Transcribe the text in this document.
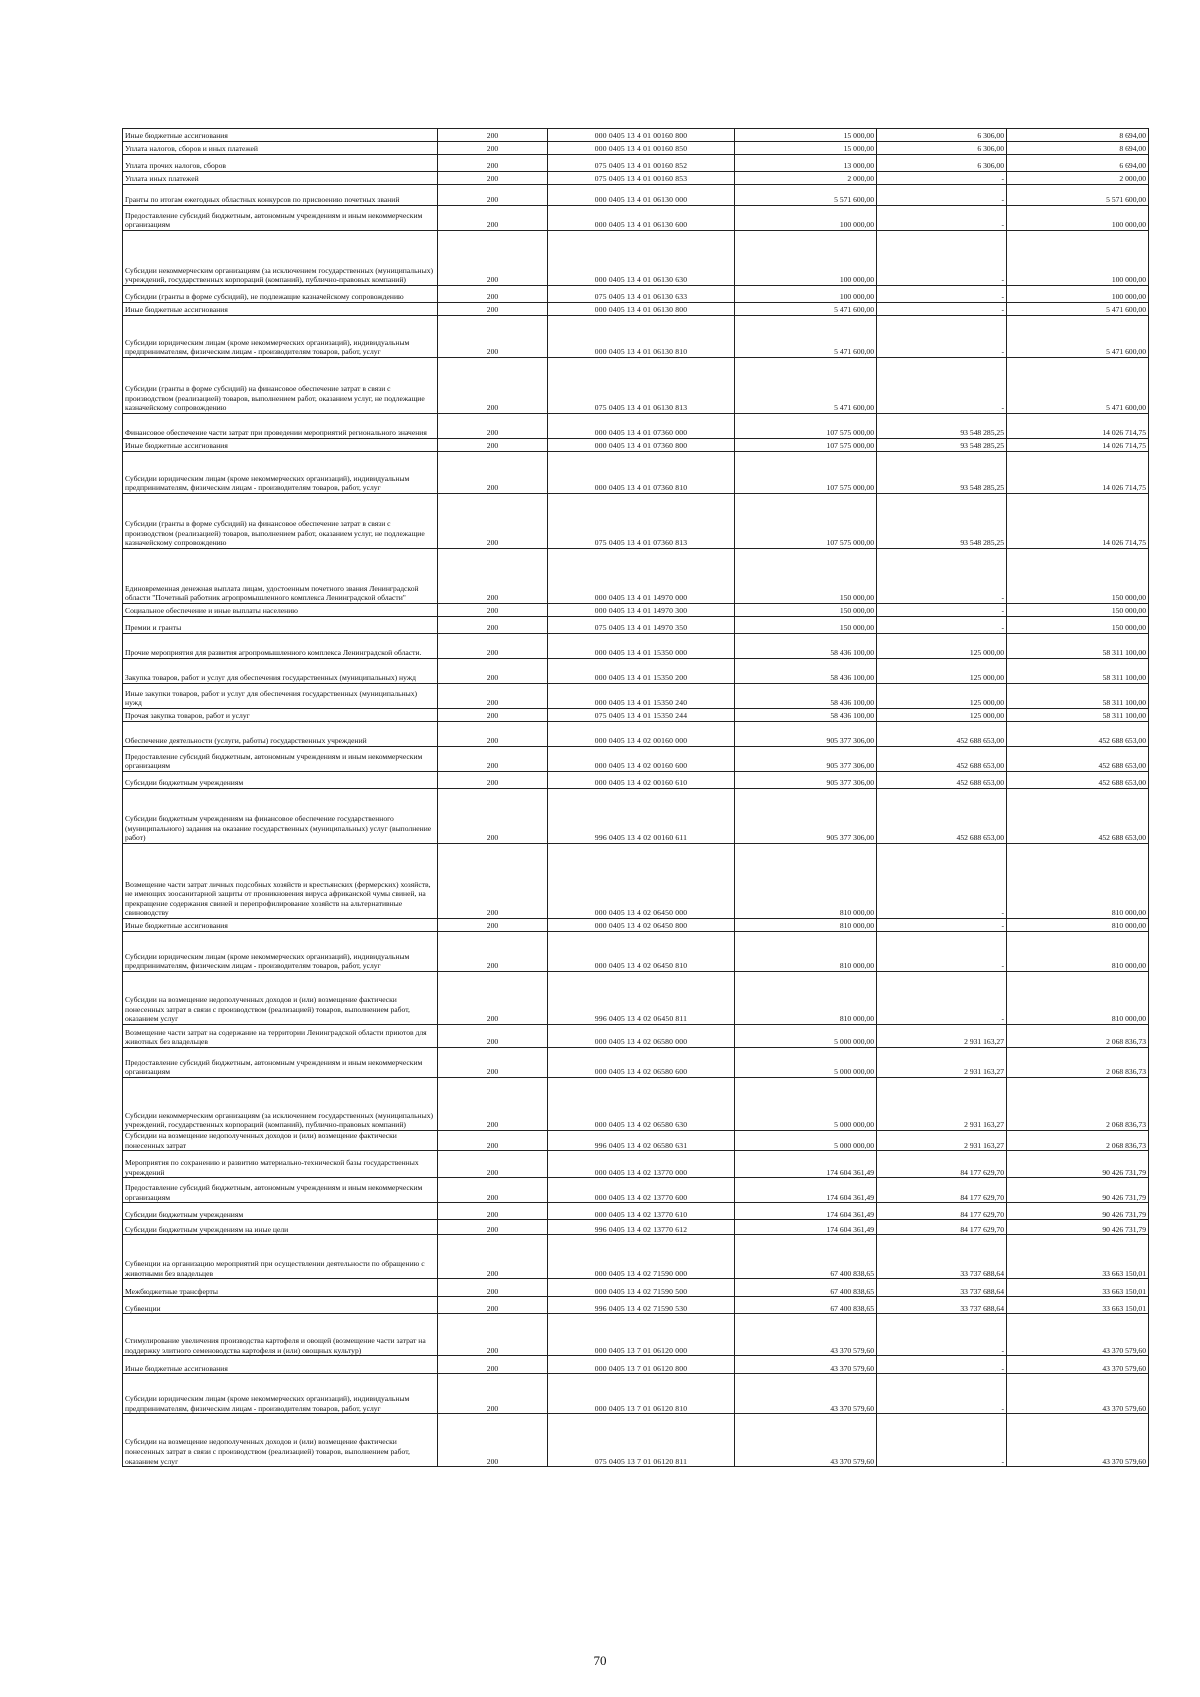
Иные бюджетные ассигнования	200	000 0405 13 4 01 00160 800	15 000,00	6 306,00	8 694,00
Уплата налогов, сборов и иных платежей	200	000 0405 13 4 01 00160 850	15 000,00	6 306,00	8 694,00
Уплата прочих налогов, сборов	200	075 0405 13 4 01 00160 852	13 000,00	6 306,00	6 694,00
Уплата иных платежей	200	075 0405 13 4 01 00160 853	2 000,00	-	2 000,00
Гранты по итогам ежегодных областных конкурсов по присвоению почетных званий	200	000 0405 13 4 01 06130 000	5 571 600,00	-	5 571 600,00
Предоставление субсидий бюджетным, автономным учреждениям и иным некоммерческим организациям	200	000 0405 13 4 01 06130 600	100 000,00	-	100 000,00
Субсидии некоммерческим организациям (за исключением государственных (муниципальных) учреждений, государственных корпораций (компаний), публично-правовых компаний)	200	000 0405 13 4 01 06130 630	100 000,00	-	100 000,00
Субсидии (гранты в форме субсидий), не подлежащие казначейскому сопровождению	200	075 0405 13 4 01 06130 633	100 000,00	-	100 000,00
Иные бюджетные ассигнования	200	000 0405 13 4 01 06130 800	5 471 600,00	-	5 471 600,00
Субсидии юридическим лицам (кроме некоммерческих организаций), индивидуальным предпринимателям, физическим лицам - производителям товаров, работ, услуг	200	000 0405 13 4 01 06130 810	5 471 600,00	-	5 471 600,00
Субсидии (гранты в форме субсидий) на финансовое обеспечение затрат в связи с производством (реализацией) товаров, выполнением работ, оказанием услуг, не подлежащие казначейскому сопровождению	200	075 0405 13 4 01 06130 813	5 471 600,00	-	5 471 600,00
Финансовое обеспечение части затрат при проведении мероприятий регионального значения	200	000 0405 13 4 01 07360 000	107 575 000,00	93 548 285,25	14 026 714,75
Иные бюджетные ассигнования	200	000 0405 13 4 01 07360 800	107 575 000,00	93 548 285,25	14 026 714,75
Субсидии юридическим лицам (кроме некоммерческих организаций), индивидуальным предпринимателям, физическим лицам - производителям товаров, работ, услуг	200	000 0405 13 4 01 07360 810	107 575 000,00	93 548 285,25	14 026 714,75
Субсидии (гранты в форме субсидий) на финансовое обеспечение затрат в связи с производством (реализацией) товаров, выполнением работ, оказанием услуг, не подлежащие казначейскому сопровождению	200	075 0405 13 4 01 07360 813	107 575 000,00	93 548 285,25	14 026 714,75
Единовременная денежная выплата лицам, удостоенным почетного звания Ленинградской области "Почетный работник агропромышленного комплекса Ленинградской области"	200	000 0405 13 4 01 14970 000	150 000,00	-	150 000,00
Социальное обеспечение и иные выплаты населению	200	000 0405 13 4 01 14970 300	150 000,00	-	150 000,00
Премии и гранты	200	075 0405 13 4 01 14970 350	150 000,00	-	150 000,00
Прочие мероприятия для развития агропромышленного комплекса Ленинградской области.	200	000 0405 13 4 01 15350 000	58 436 100,00	125 000,00	58 311 100,00
Закупка товаров, работ и услуг для обеспечения государственных (муниципальных) нужд	200	000 0405 13 4 01 15350 200	58 436 100,00	125 000,00	58 311 100,00
Иные закупки товаров, работ и услуг для обеспечения государственных (муниципальных) нужд	200	000 0405 13 4 01 15350 240	58 436 100,00	125 000,00	58 311 100,00
Прочая закупка товаров, работ и услуг	200	075 0405 13 4 01 15350 244	58 436 100,00	125 000,00	58 311 100,00
Обеспечение деятельности (услуги, работы) государственных учреждений	200	000 0405 13 4 02 00160 000	905 377 306,00	452 688 653,00	452 688 653,00
Предоставление субсидий бюджетным, автономным учреждениям и иным некоммерческим организациям	200	000 0405 13 4 02 00160 600	905 377 306,00	452 688 653,00	452 688 653,00
Субсидии бюджетным учреждениям	200	000 0405 13 4 02 00160 610	905 377 306,00	452 688 653,00	452 688 653,00
Субсидии бюджетным учреждениям на финансовое обеспечение государственного (муниципального) задания на оказание государственных (муниципальных) услуг (выполнение работ)	200	996 0405 13 4 02 00160 611	905 377 306,00	452 688 653,00	452 688 653,00
Возмещение части затрат личных подсобных хозяйств и крестьянских (фермерских) хозяйств, не имеющих зоосанитарной защиты от проникновения вируса африканской чумы свиней, на прекращение содержания свиней и перепрофилирование хозяйств на альтернативные свиноводству	200	000 0405 13 4 02 06450 000	810 000,00	-	810 000,00
Иные бюджетные ассигнования	200	000 0405 13 4 02 06450 800	810 000,00	-	810 000,00
Субсидии юридическим лицам (кроме некоммерческих организаций), индивидуальным предпринимателям, физическим лицам - производителям товаров, работ, услуг	200	000 0405 13 4 02 06450 810	810 000,00	-	810 000,00
Субсидии на возмещение недополученных доходов и (или) возмещение фактически понесенных затрат в связи с производством (реализацией) товаров, выполнением работ, оказанием услуг	200	996 0405 13 4 02 06450 811	810 000,00	-	810 000,00
Возмещение части затрат на содержание на территории Ленинградской области приютов для животных без владельцев	200	000 0405 13 4 02 06580 000	5 000 000,00	2 931 163,27	2 068 836,73
Предоставление субсидий бюджетным, автономным учреждениям и иным некоммерческим организациям	200	000 0405 13 4 02 06580 600	5 000 000,00	2 931 163,27	2 068 836,73
Субсидии некоммерческим организациям (за исключением государственных (муниципальных) учреждений, государственных корпораций (компаний), публично-правовых компаний)	200	000 0405 13 4 02 06580 630	5 000 000,00	2 931 163,27	2 068 836,73
Субсидии на возмещение недополученных доходов и (или) возмещение фактически понесенных затрат	200	996 0405 13 4 02 06580 631	5 000 000,00	2 931 163,27	2 068 836,73
Мероприятия по сохранению и развитию материально-технической базы государственных учреждений	200	000 0405 13 4 02 13770 000	174 604 361,49	84 177 629,70	90 426 731,79
Предоставление субсидий бюджетным, автономным учреждениям и иным некоммерческим организациям	200	000 0405 13 4 02 13770 600	174 604 361,49	84 177 629,70	90 426 731,79
Субсидии бюджетным учреждениям	200	000 0405 13 4 02 13770 610	174 604 361,49	84 177 629,70	90 426 731,79
Субсидии бюджетным учреждениям на иные цели	200	996 0405 13 4 02 13770 612	174 604 361,49	84 177 629,70	90 426 731,79
Субвенции на организацию мероприятий при осуществлении деятельности по обращению с животными без владельцев	200	000 0405 13 4 02 71590 000	67 400 838,65	33 737 688,64	33 663 150,01
Межбюджетные трансферты	200	000 0405 13 4 02 71590 500	67 400 838,65	33 737 688,64	33 663 150,01
Субвенции	200	996 0405 13 4 02 71590 530	67 400 838,65	33 737 688,64	33 663 150,01
Стимулирование увеличения производства картофеля и овощей (возмещение части затрат на поддержку элитного семеноводства картофеля и (или) овощных культур)	200	000 0405 13 7 01 06120 000	43 370 579,60	-	43 370 579,60
Иные бюджетные ассигнования	200	000 0405 13 7 01 06120 800	43 370 579,60	-	43 370 579,60
Субсидии юридическим лицам (кроме некоммерческих организаций), индивидуальным предпринимателям, физическим лицам - производителям товаров, работ, услуг	200	000 0405 13 7 01 06120 810	43 370 579,60	-	43 370 579,60
Субсидии на возмещение недополученных доходов и (или) возмещение фактически понесенных затрат в связи с производством (реализацией) товаров, выполнением работ, оказанием услуг	200	075 0405 13 7 01 06120 811	43 370 579,60	-	43 370 579,60
70
